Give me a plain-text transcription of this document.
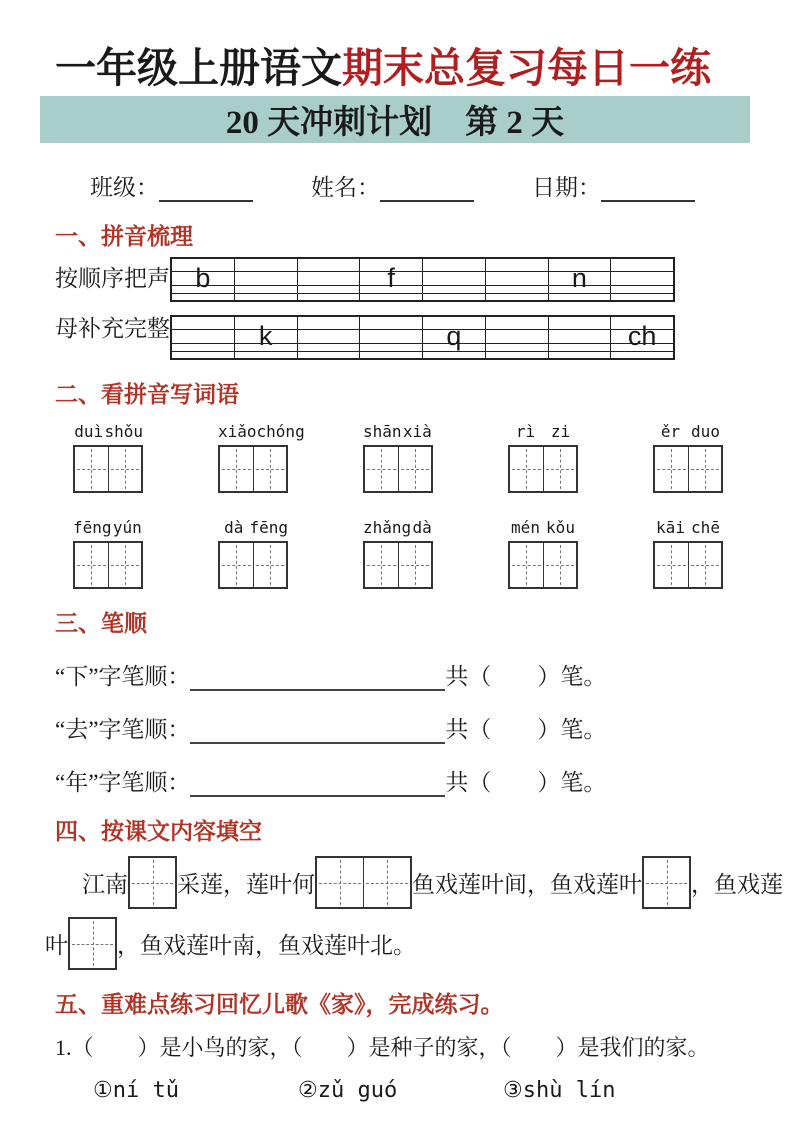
一年级上册语文期末总复习每日一练
20 天冲刺计划　第 2 天
班级：	姓名：	日期：
一、拼音梳理
按顺序把声
母补充完整
b	f	n
k	q	ch
二、看拼音写词语
duì shǒu	xiǎo chóng	shān xià	rì zi	ěr duo
fēng yún	dà fēng	zhǎng dà	mén kǒu	kāi chē
三、笔顺
“下”字笔顺：	共（　　）笔。
“去”字笔顺：	共（　　）笔。
“年”字笔顺：	共（　　）笔。
四、按课文内容填空
江南 采莲，莲叶何	鱼戏莲叶间，鱼戏莲叶 ，鱼戏莲
叶 ，鱼戏莲叶南，鱼戏莲叶北。
五、重难点练习回忆儿歌《家》，完成练习。
1.（　　）是小鸟的家，（　　）是种子的家，（　　）是我们的家。
①ní tǔ	②zǔ guó	③shù lín
